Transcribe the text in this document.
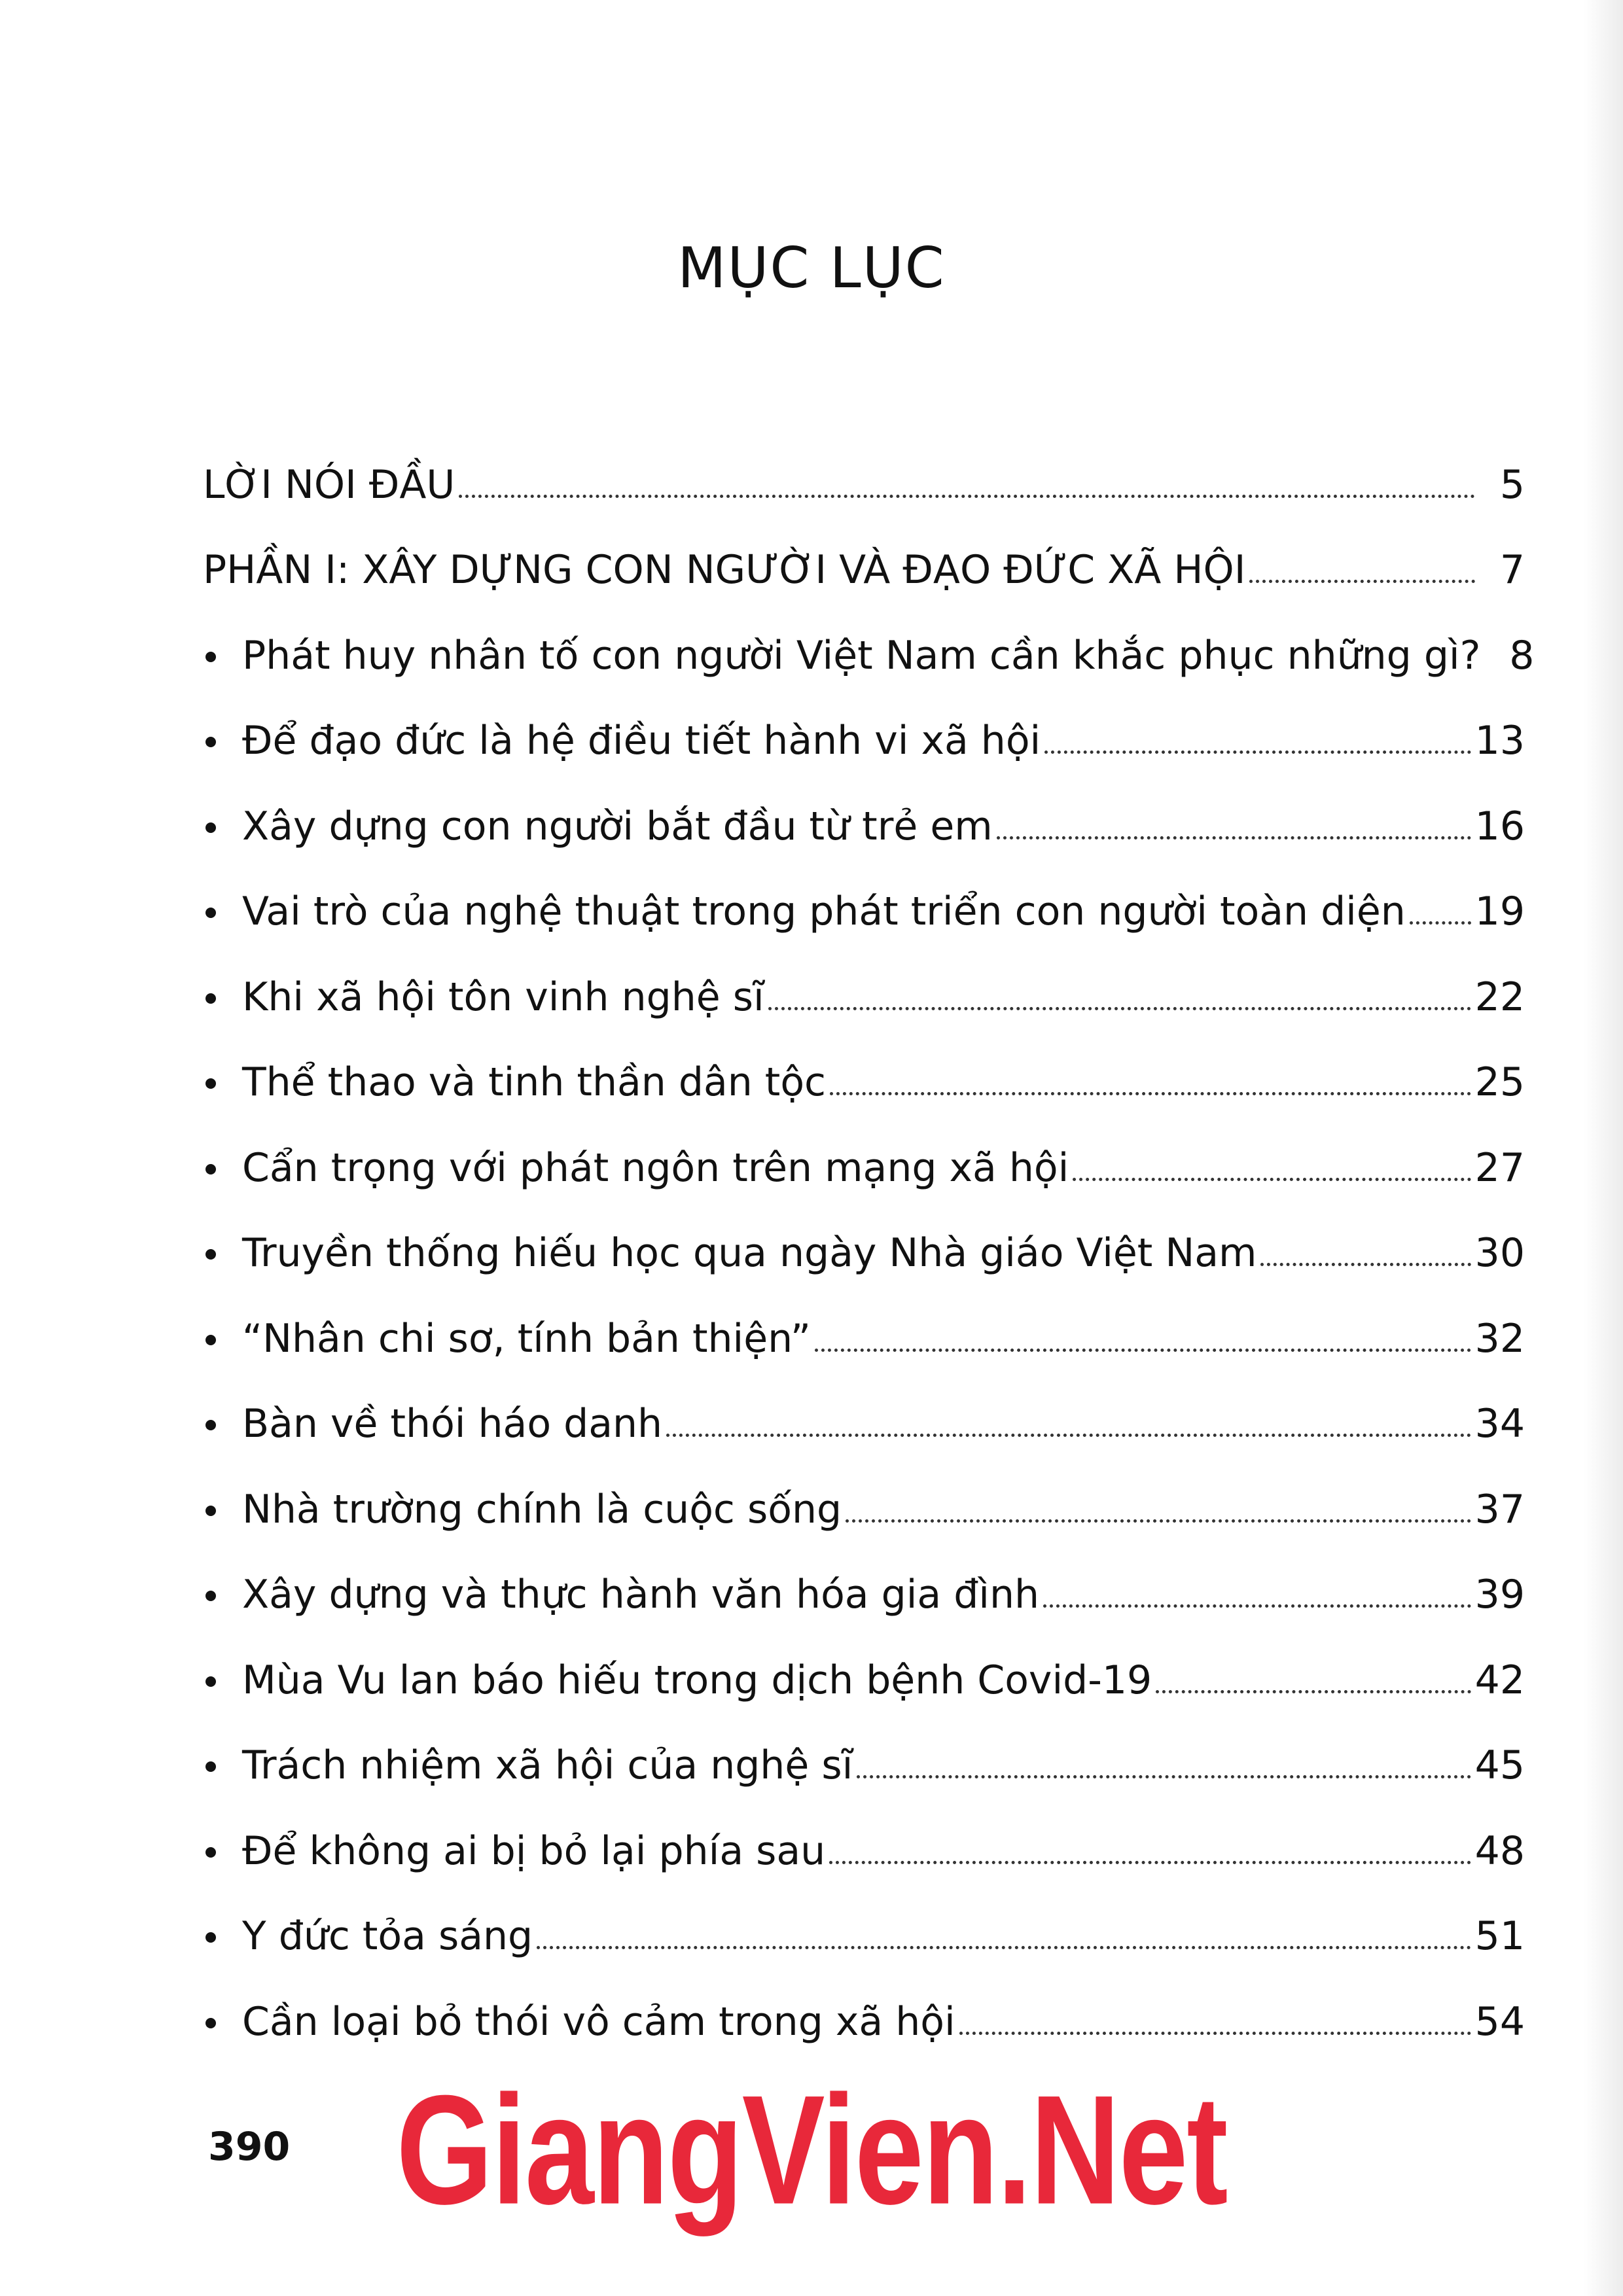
MỤC LỤC
LỜI NÓI ĐẦU	5
PHẦN I: XÂY DỰNG CON NGƯỜI VÀ ĐẠO ĐỨC XÃ HỘI	7
Phát huy nhân tố con người Việt Nam cần khắc phục những gì? 8
Để đạo đức là hệ điều tiết hành vi xã hội	13
Xây dựng con người bắt đầu từ trẻ em	16
Vai trò của nghệ thuật trong phát triển con người toàn diện 19
Khi xã hội tôn vinh nghệ sĩ	22
Thể thao và tinh thần dân tộc	25
Cẩn trọng với phát ngôn trên mạng xã hội	27
Truyền thống hiếu học qua ngày Nhà giáo Việt Nam	30
“Nhân chi sơ, tính bản thiện”	32
Bàn về thói háo danh	34
Nhà trường chính là cuộc sống	37
Xây dựng và thực hành văn hóa gia đình	39
Mùa Vu lan báo hiếu trong dịch bệnh Covid-19	42
Trách nhiệm xã hội của nghệ sĩ	45
Để không ai bị bỏ lại phía sau	48
Y đức tỏa sáng	51
Cần loại bỏ thói vô cảm trong xã hội	54
390 GiangVien.Net
